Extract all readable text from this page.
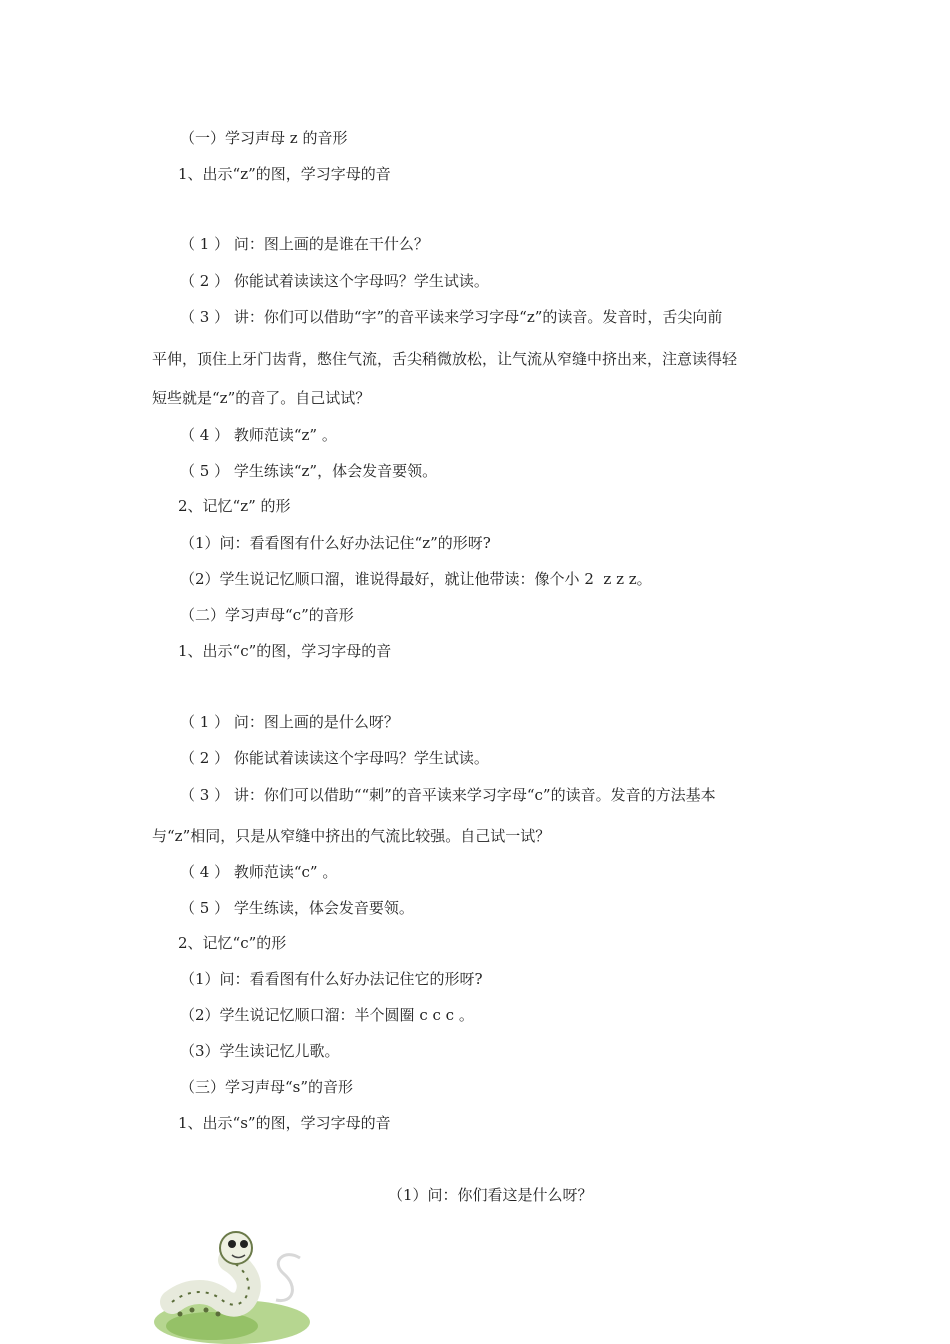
（一）学习声母 z 的音形
1、出示“z”的图，学习字母的音
（ 1 ） 问：图上画的是谁在干什么？
（ 2 ） 你能试着读读这个字母吗？学生试读。
（ 3 ） 讲：你们可以借助“字”的音平读来学习字母“z”的读音。发音时，舌尖向前
平伸，顶住上牙门齿背，憋住气流，舌尖稍微放松，让气流从窄缝中挤出来，注意读得轻
短些就是“z”的音了。自己试试？
（ 4 ） 教师范读“z” 。
（ 5 ） 学生练读“z”，体会发音要领。
2、记忆“z” 的形
（1）问：看看图有什么好办法记住“z”的形呀?
（2）学生说记忆顺口溜，谁说得最好，就让他带读：像个小 2  z z z。
（二）学习声母“c”的音形
1、出示“c”的图，学习字母的音
（ 1 ） 问：图上画的是什么呀？
（ 2 ） 你能试着读读这个字母吗？学生试读。
（ 3 ） 讲：你们可以借助““刺”的音平读来学习字母“c”的读音。发音的方法基本
与“z”相同，只是从窄缝中挤出的气流比较强。自己试一试？
（ 4 ） 教师范读“c” 。
（ 5 ） 学生练读，体会发音要领。
2、记忆“c”的形
（1）问：看看图有什么好办法记住它的形呀?
（2）学生说记忆顺口溜：半个圆圈 c c c 。
（3）学生读记忆儿歌。
（三）学习声母“s”的音形
1、出示“s”的图，学习字母的音
（1）问：你们看这是什么呀？
